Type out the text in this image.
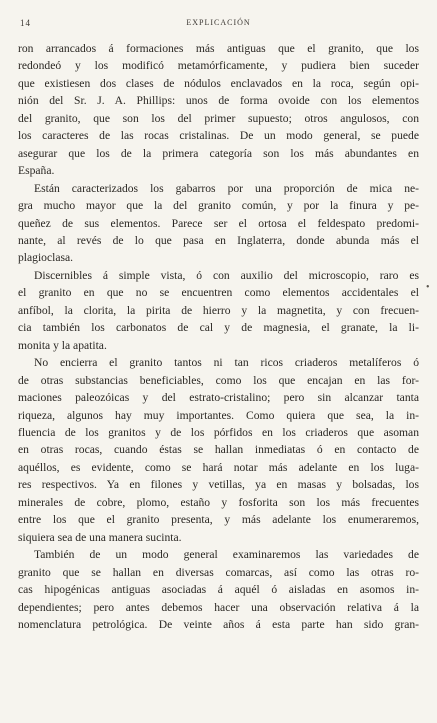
14	EXPLICACIÓN
ron arrancados á formaciones más antiguas que el granito, que los
redondeó y los modificó metamórficamente, y pudiera bien suceder
que existiesen dos clases de nódulos enclavados en la roca, según opi-
nión del Sr. J. A. Phillips: unos de forma ovoide con los elementos
del granito, que son los del primer supuesto; otros angulosos, con
los caracteres de las rocas cristalinas. De un modo general, se puede
asegurar que los de la primera categoría son los más abundantes en
España.
Están caracterizados los gabarros por una proporción de mica ne-
gra mucho mayor que la del granito común, y por la finura y pe-
queñez de sus elementos. Parece ser el ortosa el feldespato predomi-
nante, al revés de lo que pasa en Inglaterra, donde abunda más el
plagioclasa.
Discernibles á simple vista, ó con auxilio del microscopio, raro es
el granito en que no se encuentren como elementos accidentales el
anfíbol, la clorita, la pirita de hierro y la magnetita, y con frecuen-
cia también los carbonatos de cal y de magnesia, el granate, la li-
monita y la apatita.
No encierra el granito tantos ni tan ricos criaderos metalíferos ó
de otras substancias beneficiables, como los que encajan en las for-
maciones paleozóicas y del estrato-cristalino; pero sin alcanzar tanta
riqueza, algunos hay muy importantes. Como quiera que sea, la in-
fluencia de los granitos y de los pórfidos en los criaderos que asoman
en otras rocas, cuando éstas se hallan inmediatas ó en contacto de
aquéllos, es evidente, como se hará notar más adelante en los luga-
res respectivos. Ya en filones y vetillas, ya en masas y bolsadas, los
minerales de cobre, plomo, estaño y fosforita son los más frecuentes
entre los que el granito presenta, y más adelante los enumeraremos,
siquiera sea de una manera sucinta.
También de un modo general examinaremos las variedades de
granito que se hallan en diversas comarcas, así como las otras ro-
cas hipogénicas antiguas asociadas á aquél ó aisladas en asomos in-
dependientes; pero antes debemos hacer una observación relativa á la
nomenclatura petrológica. De veinte años á esta parte han sido gran-
•
